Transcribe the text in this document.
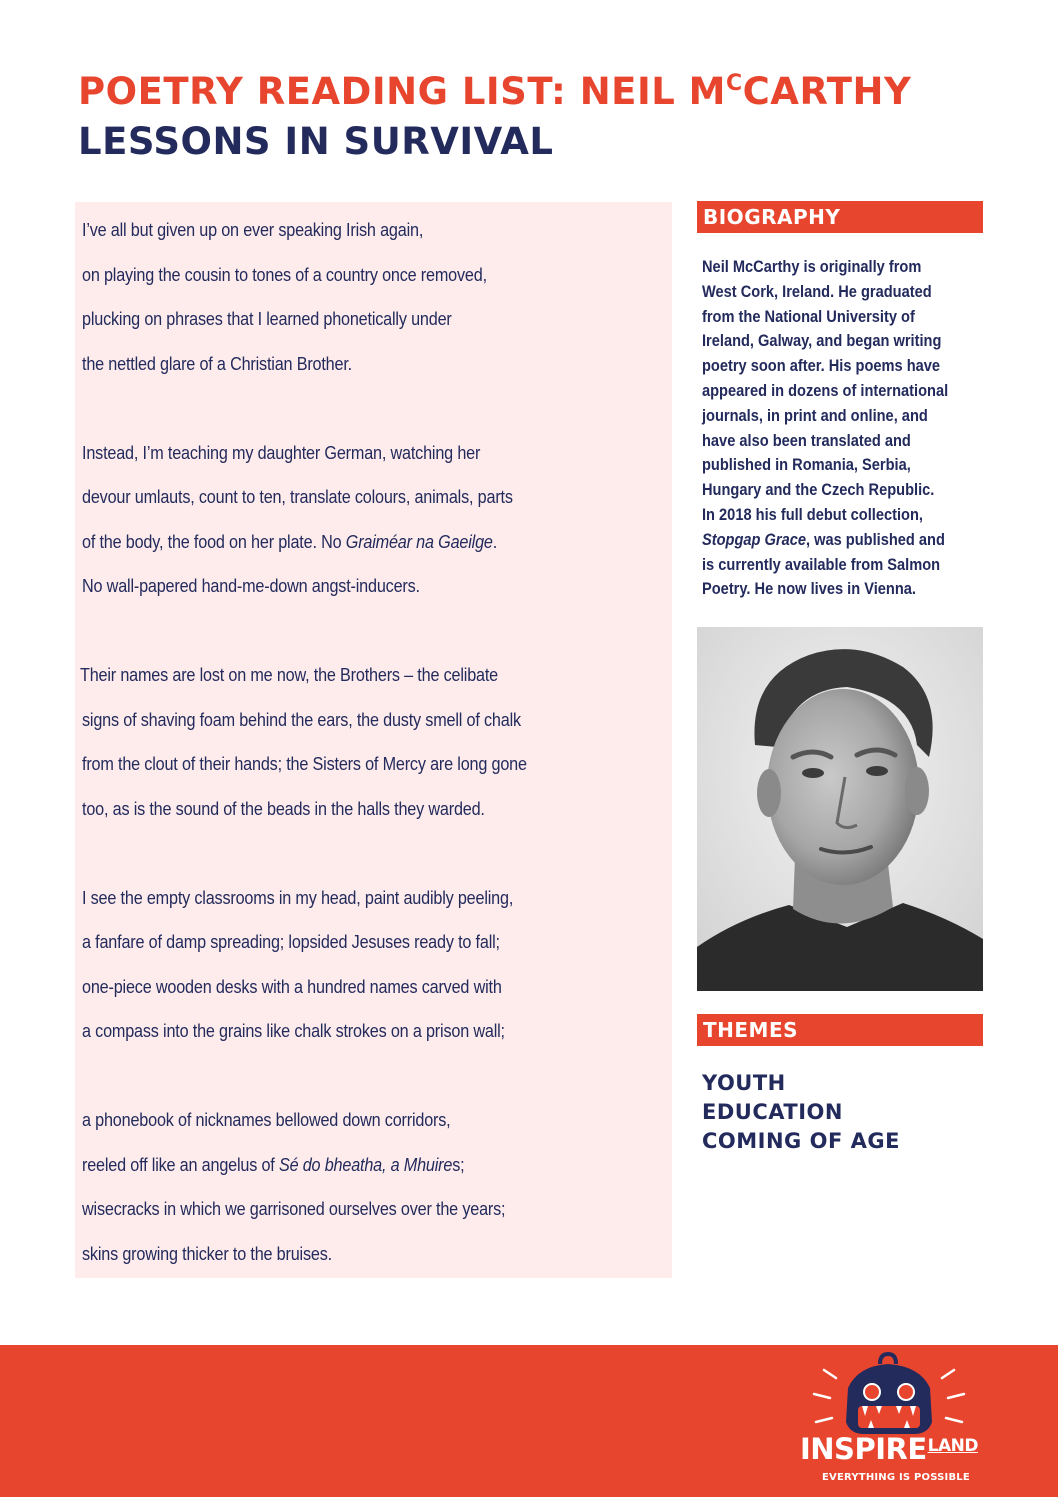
POETRY READING LIST: NEIL $M^CCARTHY$
LESSONS IN SURVIVAL
I’ve all but given up on ever speaking Irish again,
on playing the cousin to tones of a country once removed,
plucking on phrases that I learned phonetically under
the nettled glare of a Christian Brother.
Instead, I’m teaching my daughter German, watching her
devour umlauts, count to ten, translate colours, animals, parts
of the body, the food on her plate. No Graiméar na Gaeilge.
No wall-papered hand-me-down angst-inducers.
Their names are lost on me now, the Brothers – the celibate
signs of shaving foam behind the ears, the dusty smell of chalk
from the clout of their hands; the Sisters of Mercy are long gone
too, as is the sound of the beads in the halls they warded.
I see the empty classrooms in my head, paint audibly peeling,
a fanfare of damp spreading; lopsided Jesuses ready to fall;
one-piece wooden desks with a hundred names carved with
a compass into the grains like chalk strokes on a prison wall;
a phonebook of nicknames bellowed down corridors,
reeled off like an angelus of Sé do bheatha, a Mhuires;
wisecracks in which we garrisoned ourselves over the years;
skins growing thicker to the bruises.
BIOGRAPHY

Neil McCarthy is originally from
West Cork, Ireland. He graduated
from the National University of
Ireland, Galway, and began writing
poetry soon after. His poems have
appeared in dozens of international
journals, in print and online, and
have also been translated and
published in Romania, Serbia,
Hungary and the Czech Republic.
In 2018 his full debut collection,
Stopgap Grace, was published and
is currently available from Salmon
Poetry. He now lives in Vienna.

THEMES
YOUTH
EDUCATION
COMING OF AGE
$INSPIRE^{LAND}$
EVERYTHING IS POSSIBLE
